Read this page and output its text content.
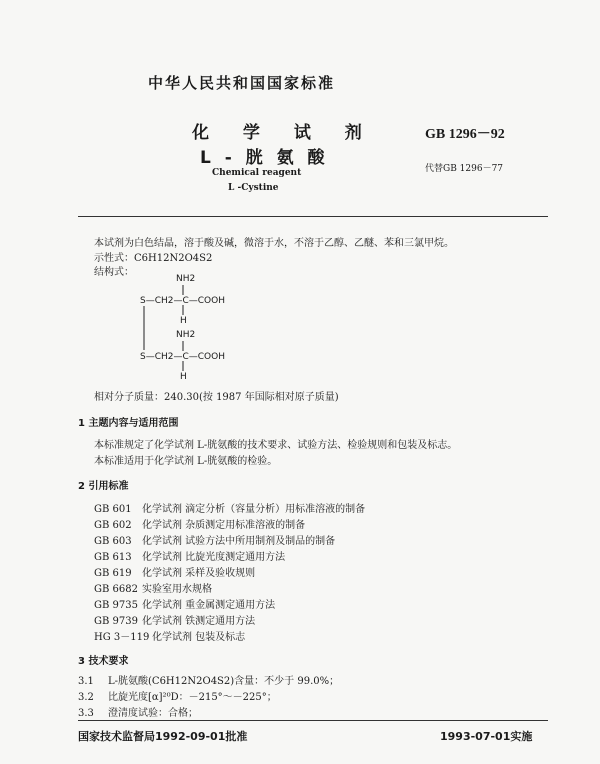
中华人民共和国国家标准
化 学 试 剂
L - 胱 氨 酸
GB 1296－92
代替GB 1296－77
Chemical reagent
L -Cystine
本试剂为白色结晶，溶于酸及碱，微溶于水，不溶于乙醇、乙醚、苯和三氯甲烷。
示性式：C6H12N2O4S2
结构式：
NH2
S—CH2—C—COOH
H
NH2
S—CH2—C—COOH
H
相对分子质量：240.30(按 1987 年国际相对原子质量)
1 主题内容与适用范围
本标准规定了化学试剂 L-胱氨酸的技术要求、试验方法、检验规则和包装及标志。
本标准适用于化学试剂 L-胱氨酸的检验。
2 引用标准
GB 601 化学试剂 滴定分析（容量分析）用标准溶液的制备
GB 602 化学试剂 杂质测定用标准溶液的制备
GB 603 化学试剂 试验方法中所用制剂及制品的制备
GB 613 化学试剂 比旋光度测定通用方法
GB 619 化学试剂 采样及验收规则
GB 6682 实验室用水规格
GB 9735 化学试剂 重金属测定通用方法
GB 9739 化学试剂 铁测定通用方法
HG 3－119 化学试剂 包装及标志
3 技术要求
3.1 L-胱氨酸(C6H12N2O4S2)含量：不少于 99.0%；
3.2 比旋光度[α]²⁰D：－215°～－225°；
3.3 澄清度试验：合格；
国家技术监督局1992-09-01批准	1993-07-01实施
